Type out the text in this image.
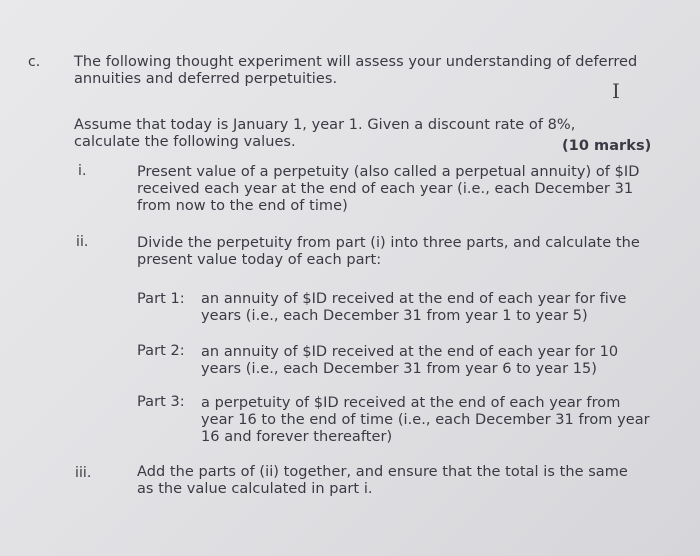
c. The following thought experiment will assess your understanding of deferred
annuities and deferred perpetuities.	I
Assume that today is January 1, year 1. Given a discount rate of 8%,
calculate the following values.	(10 marks)
i.	Present value of a perpetuity (also called a perpetual annuity) of $ID
received each year at the end of each year (i.e., each December 31
from now to the end of time)
ii.	Divide the perpetuity from part (i) into three parts, and calculate the
present value today of each part:
Part 1: an annuity of $ID received at the end of each year for five
years (i.e., each December 31 from year 1 to year 5)
Part 2: an annuity of $ID received at the end of each year for 10
years (i.e., each December 31 from year 6 to year 15)
Part 3: a perpetuity of $ID received at the end of each year from
year 16 to the end of time (i.e., each December 31 from year
16 and forever thereafter)
iii.	Add the parts of (ii) together, and ensure that the total is the same
as the value calculated in part i.
